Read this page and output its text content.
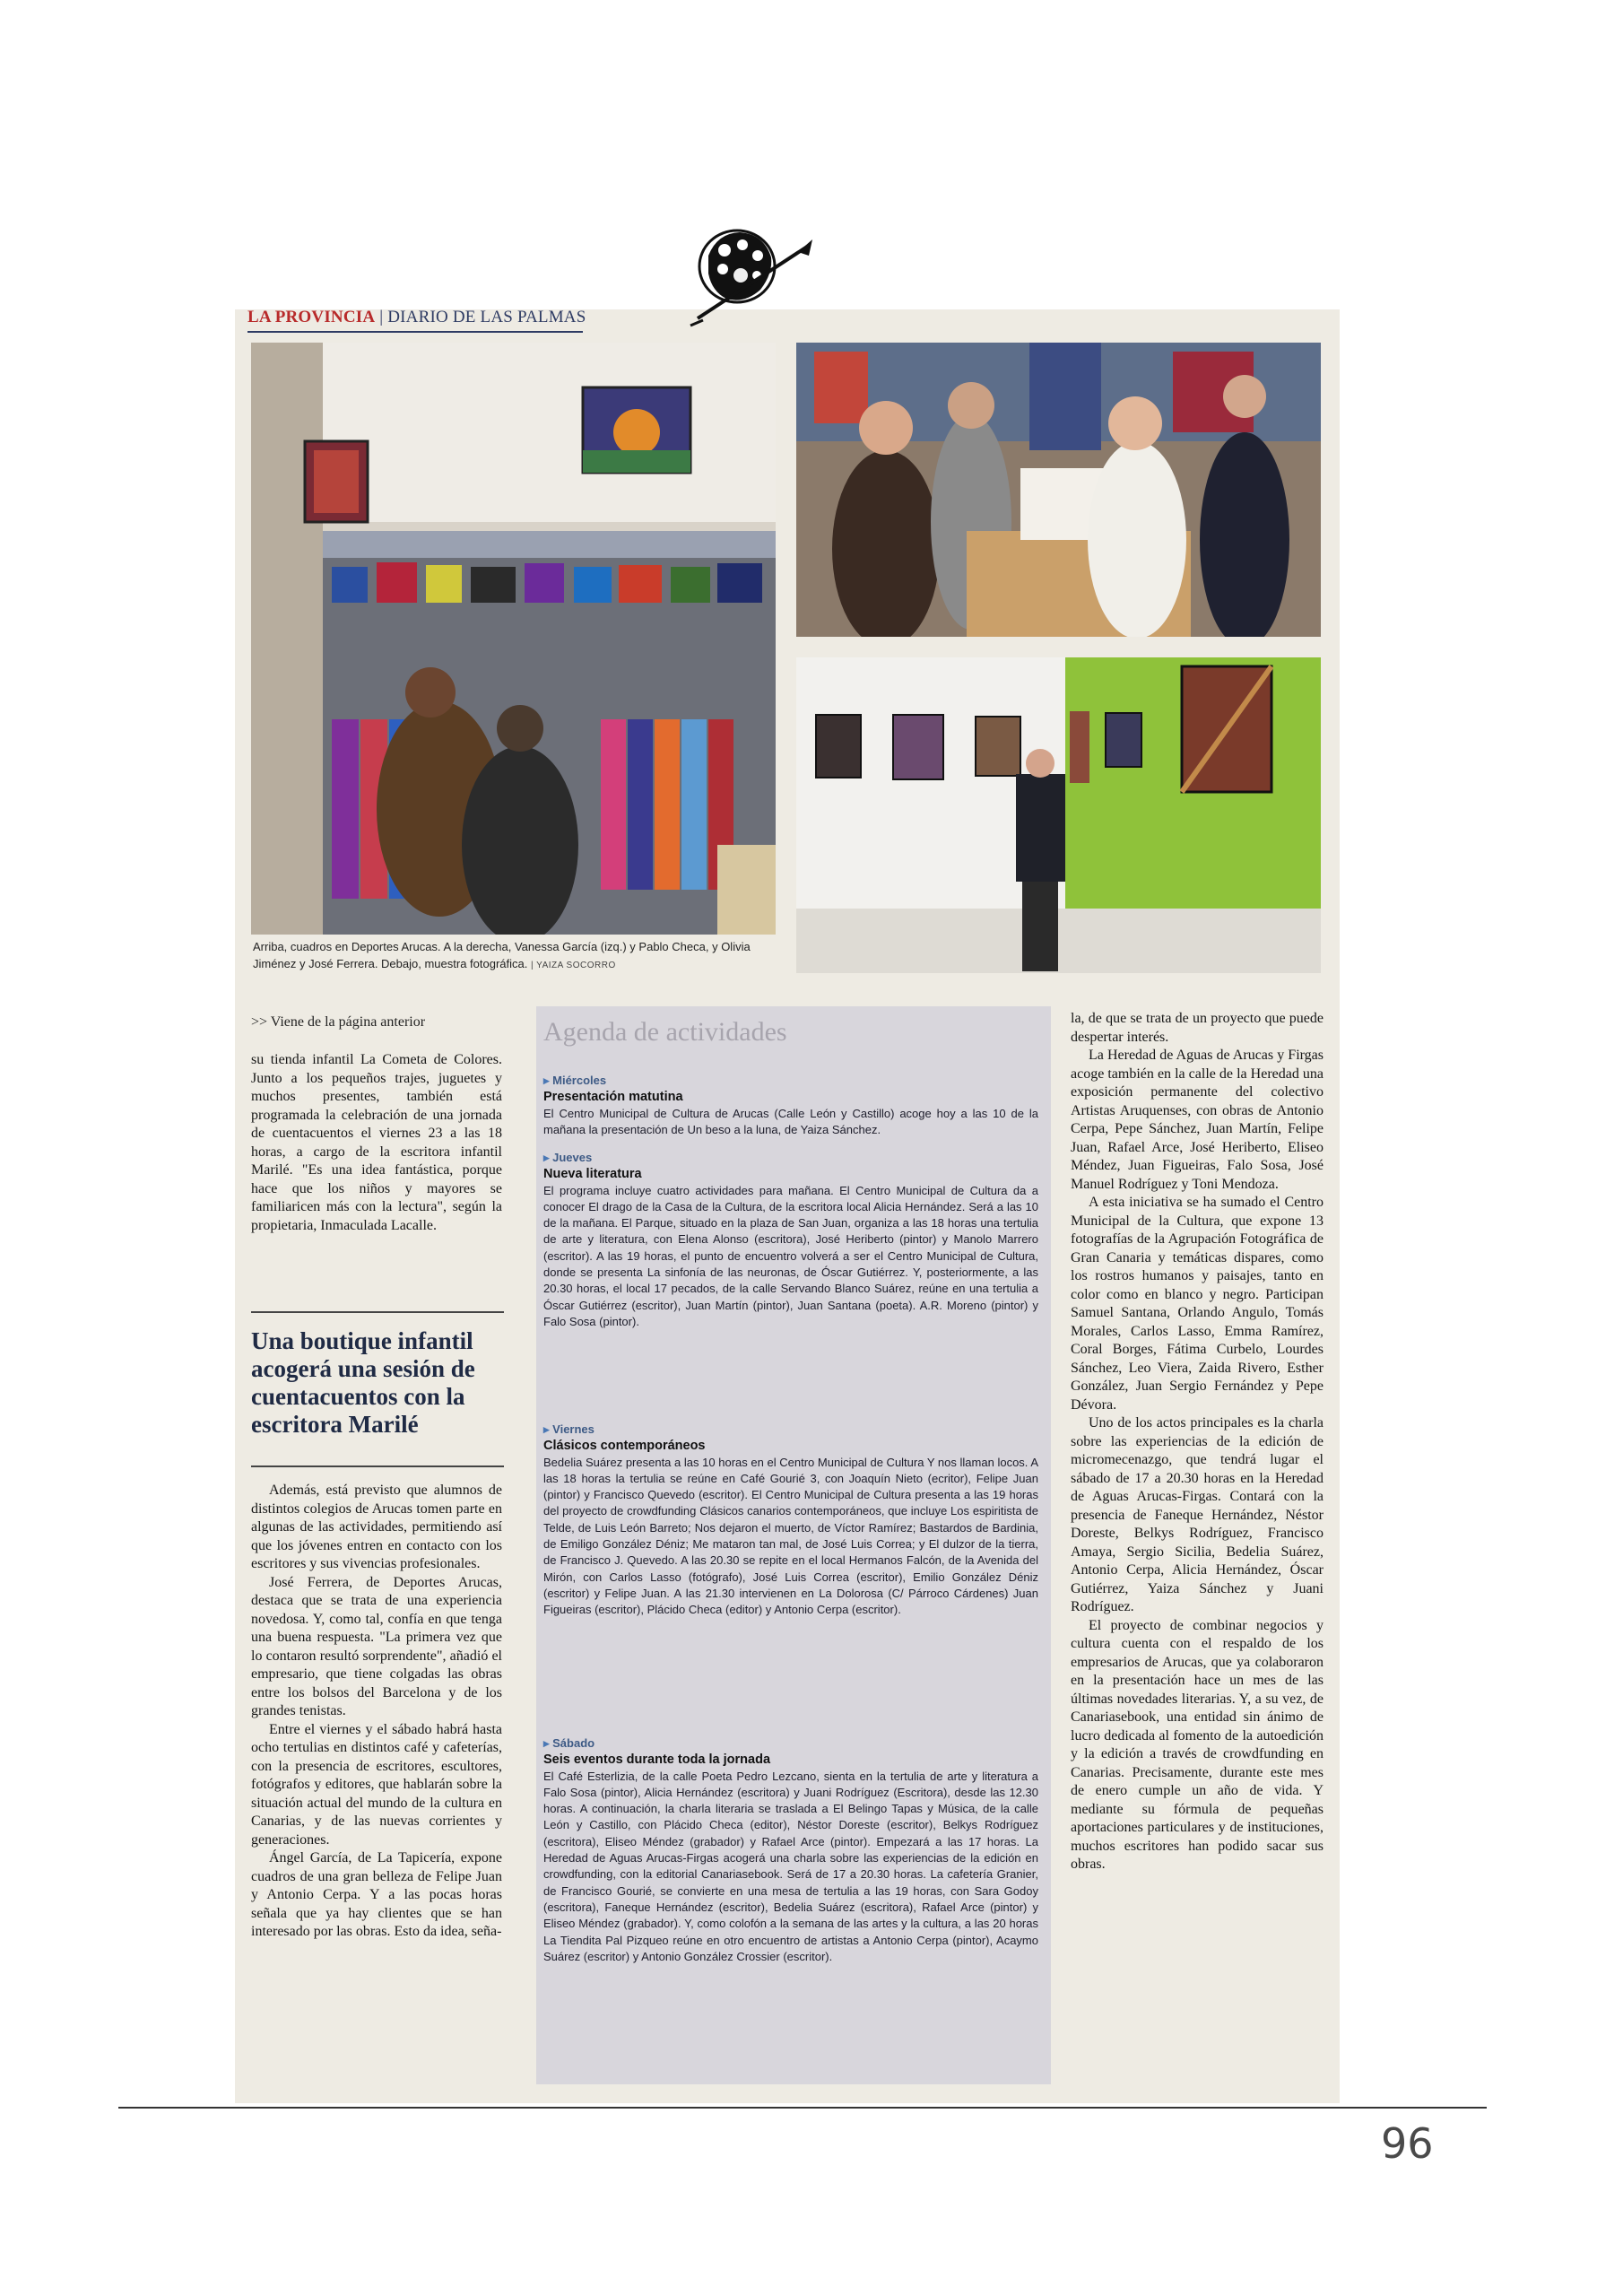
LA PROVINCIA | DIARIO DE LAS PALMAS
Arriba, cuadros en Deportes Arucas. A la derecha, Vanessa García (izq.) y Pablo Checa, y Olivia Jiménez y José Ferrera. Debajo, muestra fotográfica. | YAIZA SOCORRO
>> Viene de la página anterior

su tienda infantil La Cometa de Colores. Junto a los pequeños trajes, juguetes y muchos presentes, también está programada la celebración de una jornada de cuentacuentos el viernes 23 a las 18 horas, a cargo de la escritora infantil Marilé. "Es una idea fantástica, porque hace que los niños y mayores se familiaricen más con la lectura", según la propietaria, Inmaculada Lacalle.

Una boutique infantil acogerá una sesión de cuentacuentos con la escritora Marilé

Además, está previsto que alumnos de distintos colegios de Arucas tomen parte en algunas de las actividades, permitiendo así que los jóvenes entren en contacto con los escritores y sus vivencias profesionales.

José Ferrera, de Deportes Arucas, destaca que se trata de una experiencia novedosa. Y, como tal, confía en que tenga una buena respuesta. "La primera vez que lo contaron resultó sorprendente", añadió el empresario, que tiene colgadas las obras entre los bolsos del Barcelona y de los grandes tenistas.

Entre el viernes y el sábado habrá hasta ocho tertulias en distintos café y cafeterías, con la presencia de escritores, escultores, fotógrafos y editores, que hablarán sobre la situación actual del mundo de la cultura en Canarias, y de las nuevas corrientes y generaciones.

Ángel García, de La Tapicería, expone cuadros de una gran belleza de Felipe Juan y Antonio Cerpa. Y a las pocas horas señala que ya hay clientes que se han interesado por las obras. Esto da idea, seña-

Agenda de actividades
▸ Miércoles
Presentación matutina

El Centro Municipal de Cultura de Arucas (Calle León y Castillo) acoge hoy a las 10 de la mañana la presentación de Un beso a la luna, de Yaiza Sánchez.

▸ Jueves
Nueva literatura

El programa incluye cuatro actividades para mañana. El Centro Municipal de Cultura da a conocer El drago de la Casa de la Cultura, de la escritora local Alicia Hernández. Será a las 10 de la mañana. El Parque, situado en la plaza de San Juan, organiza a las 18 horas una tertulia de arte y literatura, con Elena Alonso (escritora), José Heriberto (pintor) y Manolo Marrero (escritor). A las 19 horas, el punto de encuentro volverá a ser el Centro Municipal de Cultura, donde se presenta La sinfonía de las neuronas, de Óscar Gutiérrez. Y, posteriormente, a las 20.30 horas, el local 17 pecados, de la calle Servando Blanco Suárez, reúne en una tertulia a Óscar Gutiérrez (escritor), Juan Martín (pintor), Juan Santana (poeta). A.R. Moreno (pintor) y Falo Sosa (pintor).

▸ Viernes
Clásicos contemporáneos

Bedelia Suárez presenta a las 10 horas en el Centro Municipal de Cultura Y nos llaman locos. A las 18 horas la tertulia se reúne en Café Gourié 3, con Joaquín Nieto (ecritor), Felipe Juan (pintor) y Francisco Quevedo (escritor). El Centro Municipal de Cultura presenta a las 19 horas del proyecto de crowdfunding Clásicos canarios contemporáneos, que incluye Los espiritista de Telde, de Luis León Barreto; Nos dejaron el muerto, de Víctor Ramírez; Bastardos de Bardinia, de Emiligo González Déniz; Me mataron tan mal, de José Luis Correa; y El dulzor de la tierra, de Francisco J. Quevedo. A las 20.30 se repite en el local Hermanos Falcón, de la Avenida del Mirón, con Carlos Lasso (fotógrafo), José Luis Correa (escritor), Emilio González Déniz (escritor) y Felipe Juan. A las 21.30 intervienen en La Dolorosa (C/ Párroco Cárdenes) Juan Figueiras (escritor), Plácido Checa (editor) y Antonio Cerpa (escritor).

▸ Sábado
Seis eventos durante toda la jornada

El Café Esterlizia, de la calle Poeta Pedro Lezcano, sienta en la tertulia de arte y literatura a Falo Sosa (pintor), Alicia Hernández (escritora) y Juani Rodríguez (Escritora), desde las 12.30 horas. A continuación, la charla literaria se traslada a El Belingo Tapas y Música, de la calle León y Castillo, con Plácido Checa (editor), Néstor Doreste (escritor), Belkys Rodríguez (escritora), Eliseo Méndez (grabador) y Rafael Arce (pintor). Empezará a las 17 horas. La Heredad de Aguas Arucas-Firgas acogerá una charla sobre las experiencias de la edición en crowdfunding, con la editorial Canariasebook. Será de 17 a 20.30 horas. La cafetería Granier, de Francisco Gourié, se convierte en una mesa de tertulia a las 19 horas, con Sara Godoy (escritora), Faneque Hernández (escritor), Bedelia Suárez (escritora), Rafael Arce (pintor) y Eliseo Méndez (grabador). Y, como colofón a la semana de las artes y la cultura, a las 20 horas La Tiendita Pal Pizqueo reúne en otro encuentro de artistas a Antonio Cerpa (pintor), Acaymo Suárez (escritor) y Antonio González Crossier (escritor).

la, de que se trata de un proyecto que puede despertar interés.

La Heredad de Aguas de Arucas y Firgas acoge también en la calle de la Heredad una exposición permanente del colectivo Artistas Aruquenses, con obras de Antonio Cerpa, Pepe Sánchez, Juan Martín, Felipe Juan, Rafael Arce, José Heriberto, Eliseo Méndez, Juan Figueiras, Falo Sosa, José Manuel Rodríguez y Toni Mendoza.

A esta iniciativa se ha sumado el Centro Municipal de la Cultura, que expone 13 fotografías de la Agrupación Fotográfica de Gran Canaria y temáticas dispares, como los rostros humanos y paisajes, tanto en color como en blanco y negro. Participan Samuel Santana, Orlando Angulo, Tomás Morales, Carlos Lasso, Emma Ramírez, Coral Borges, Fátima Curbelo, Lourdes Sánchez, Leo Viera, Zaida Rivero, Esther González, Juan Sergio Fernández y Pepe Dévora.

Uno de los actos principales es la charla sobre las experiencias de la edición de micromecenazgo, que tendrá lugar el sábado de 17 a 20.30 horas en la Heredad de Aguas Arucas-Firgas. Contará con la presencia de Faneque Hernández, Néstor Doreste, Belkys Rodríguez, Francisco Amaya, Sergio Sicilia, Bedelia Suárez, Antonio Cerpa, Alicia Hernández, Óscar Gutiérrez, Yaiza Sánchez y Juani Rodríguez.

El proyecto de combinar negocios y cultura cuenta con el respaldo de los empresarios de Arucas, que ya colaboraron en la presentación hace un mes de las últimas novedades literarias. Y, a su vez, de Canariasebook, una entidad sin ánimo de lucro dedicada al fomento de la autoedición y la edición a través de crowdfunding en Canarias. Precisamente, durante este mes de enero cumple un año de vida. Y mediante su fórmula de pequeñas aportaciones particulares y de instituciones, muchos escritores han podido sacar sus obras.

96
